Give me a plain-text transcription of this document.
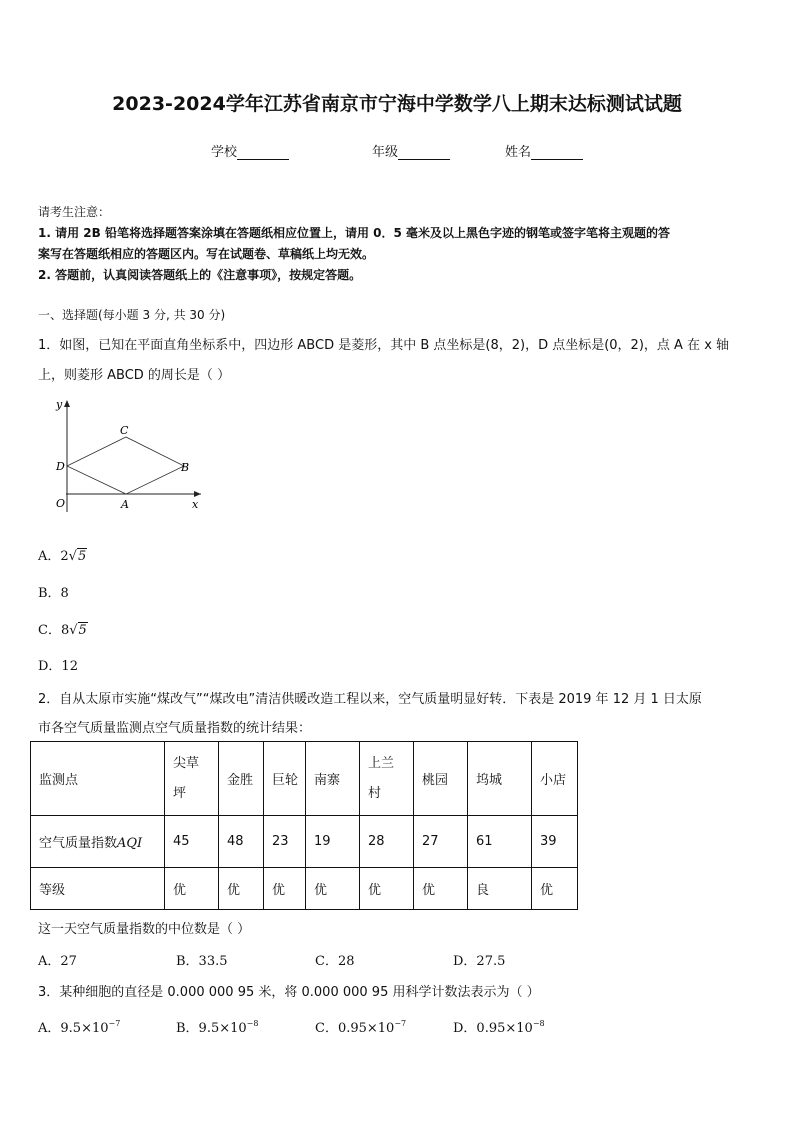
2023-2024学年江苏省南京市宁海中学数学八上期末达标测试试题
学校	年级	姓名
请考生注意：
1. 请用 2B 铅笔将选择题答案涂填在答题纸相应位置上，请用 0．5 毫米及以上黑色字迹的钢笔或签字笔将主观题的答
案写在答题纸相应的答题区内。写在试题卷、草稿纸上均无效。
2. 答题前，认真阅读答题纸上的《注意事项》，按规定答题。
一、选择题(每小题 3 分, 共 30 分)
1．如图，已知在平面直角坐标系中，四边形 ABCD 是菱形，其中 B 点坐标是(8，2)，D 点坐标是(0，2)，点 A 在 x 轴
上，则菱形 ABCD 的周长是（ ）
y
x
O	A
B
C
D
A．2√5
B．8
C．8√5
D．12
2．自从太原市实施“煤改气”“煤改电”清洁供暖改造工程以来，空气质量明显好转．下表是 2019 年 12 月 1 日太原
市各空气质量监测点空气质量指数的统计结果：
监测点	尖草坪	金胜	巨轮	南寨	上兰村	桃园	坞城	小店
空气质量指数AQI	45	48	23	19	28	27	61	39
等级	优	优	优	优	优	优	良	优
这一天空气质量指数的中位数是（ ）
A．27	B．33.5	C．28	D．27.5
3．某种细胞的直径是 0.000 000 95 米，将 0.000 000 95 用科学计数法表示为（ ）
A．$9.5\times 10^{-7}$	B．$9.5\times 10^{-8}$	C．$0.95\times 10^{-7}$	D．$0.95\times 10^{-8}$
